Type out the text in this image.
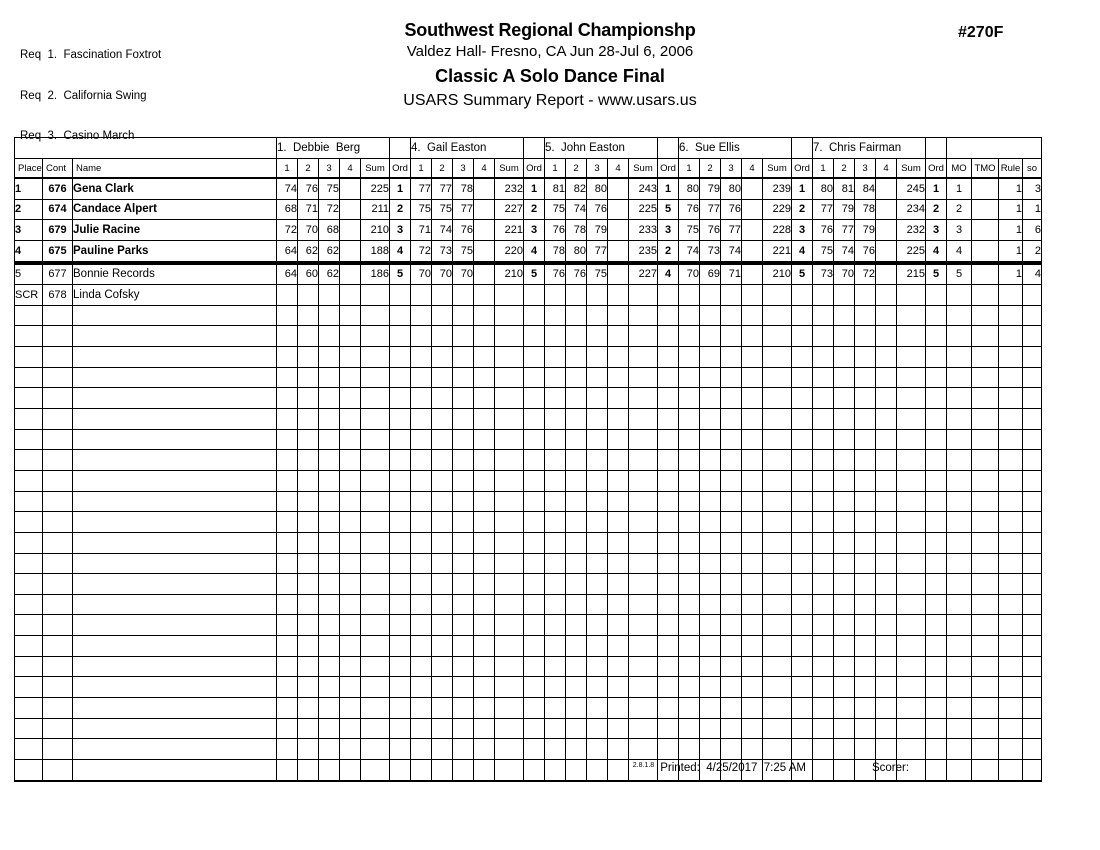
Req  1.  Fascination Foxtrot

Req  2.  California Swing

Req  3.  Casino March

Southwest Regional Championshp
Valdez Hall- Fresno, CA Jun 28-Jul 6, 2006
Classic A Solo Dance Final
USARS Summary Report - www.usars.us
#270F
			1.  Debbie  Berg						4.  Gail Easton						5.  John Easton						6.  Sue Ellis						7.  Chris Fairman									
Place	Cont	Name	1	2	3	4	Sum	Ord	1	2	3	4	Sum	Ord	1	2	3	4	Sum	Ord	1	2	3	4	Sum	Ord	1	2	3	4	Sum	Ord	MO	TMO	Rule	so
1	676	Gena Clark	74	76	75		225	1	77	77	78		232	1	81	82	80		243	1	80	79	80		239	1	80	81	84		245	1	1		1	3
2	674	Candace Alpert	68	71	72		211	2	75	75	77		227	2	75	74	76		225	5	76	77	76		229	2	77	79	78		234	2	2		1	1
3	679	Julie Racine	72	70	68		210	3	71	74	76		221	3	76	78	79		233	3	75	76	77		228	3	76	77	79		232	3	3		1	6
4	675	Pauline Parks	64	62	62		188	4	72	73	75		220	4	78	80	77		235	2	74	73	74		221	4	75	74	76		225	4	4		1	2
5	677	Bonnie Records	64	60	62		186	5	70	70	70		210	5	76	76	75		227	4	70	69	71		210	5	73	70	72		215	5	5		1	4
SCR	678	Linda Cofsky																																		

$^{2.8.1.8}$ Printed: 4/25/2017  7:25 AM	Scorer:
